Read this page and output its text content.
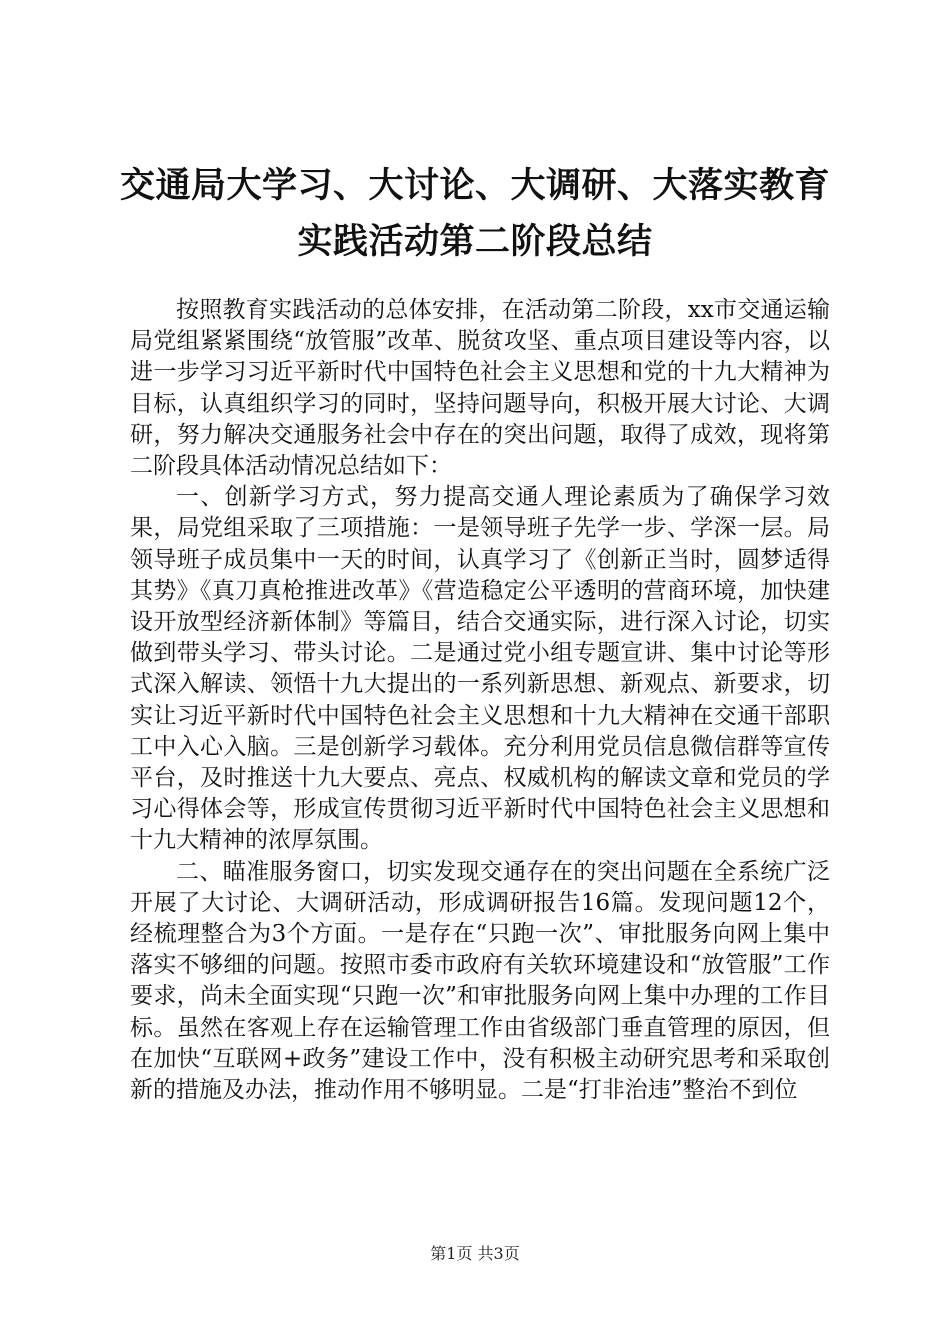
交通局大学习、大讨论、大调研、大落实教育
实践活动第二阶段总结

按照教育实践活动的总体安排，在活动第二阶段，xx市交通运输局党组紧紧围绕“放管服”改革、脱贫攻坚、重点项目建设等内容，以进一步学习习近平新时代中国特色社会主义思想和党的十九大精神为目标，认真组织学习的同时，坚持问题导向，积极开展大讨论、大调研，努力解决交通服务社会中存在的突出问题，取得了成效，现将第二阶段具体活动情况总结如下：

一、创新学习方式，努力提高交通人理论素质为了确保学习效果，局党组采取了三项措施：一是领导班子先学一步、学深一层。局领导班子成员集中一天的时间，认真学习了《创新正当时，圆梦适得其势》《真刀真枪推进改革》《营造稳定公平透明的营商环境，加快建设开放型经济新体制》等篇目，结合交通实际，进行深入讨论，切实做到带头学习、带头讨论。二是通过党小组专题宣讲、集中讨论等形式深入解读、领悟十九大提出的一系列新思想、新观点、新要求，切实让习近平新时代中国特色社会主义思想和十九大精神在交通干部职工中入心入脑。三是创新学习载体。充分利用党员信息微信群等宣传平台，及时推送十九大要点、亮点、权威机构的解读文章和党员的学习心得体会等，形成宣传贯彻习近平新时代中国特色社会主义思想和十九大精神的浓厚氛围。

二、瞄准服务窗口，切实发现交通存在的突出问题在全系统广泛开展了大讨论、大调研活动，形成调研报告16篇。发现问题12个，经梳理整合为3个方面。一是存在“只跑一次”、审批服务向网上集中落实不够细的问题。按照市委市政府有关软环境建设和“放管服”工作要求，尚未全面实现“只跑一次”和审批服务向网上集中办理的工作目标。虽然在客观上存在运输管理工作由省级部门垂直管理的原因，但在加快“互联网+政务”建设工作中，没有积极主动研究思考和采取创新的措施及办法，推动作用不够明显。二是“打非治违”整治不到位

第1页 共3页
